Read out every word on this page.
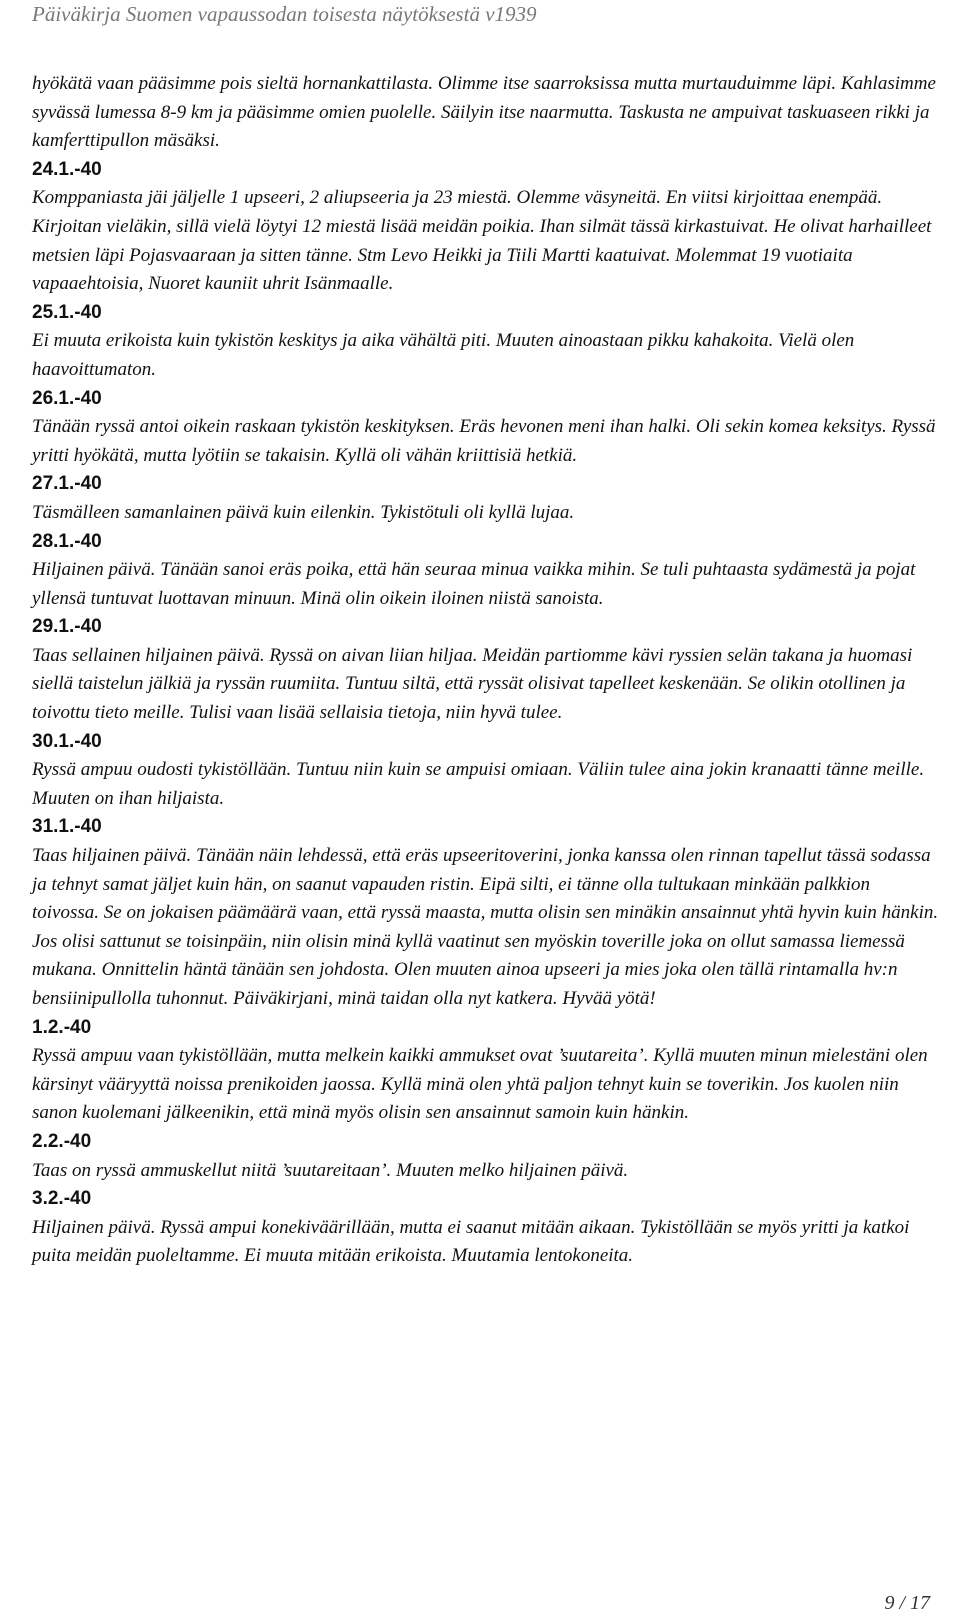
Päiväkirja Suomen vapaussodan toisesta näytöksestä v1939
hyökätä vaan pääsimme pois sieltä hornankattilasta. Olimme itse saarroksissa mutta murtauduimme läpi. Kahlasimme syvässä lumessa 8-9 km ja pääsimme omien puolelle. Säilyin itse naarmutta. Taskusta ne ampuivat taskuaseen rikki ja kamferttipullon mäsäksi.
24.1.-40
Komppaniasta jäi jäljelle 1 upseeri, 2 aliupseeria ja 23 miestä. Olemme väsyneitä. En viitsi kirjoittaa enempää. Kirjoitan vieläkin, sillä vielä löytyi 12 miestä lisää meidän poikia. Ihan silmät tässä kirkastuivat. He olivat harhailleet metsien läpi Pojasvaaraan ja sitten tänne. Stm Levo Heikki ja Tiili Martti kaatuivat. Molemmat 19 vuotiaita vapaaehtoisia, Nuoret kauniit uhrit Isänmaalle.
25.1.-40
Ei muuta erikoista kuin tykistön keskitys ja aika vähältä piti. Muuten ainoastaan pikku kahakoita. Vielä olen haavoittumaton.
26.1.-40
Tänään ryssä antoi oikein raskaan tykistön keskityksen. Eräs hevonen meni ihan halki. Oli sekin komea keksitys. Ryssä yritti hyökätä, mutta lyötiin se takaisin. Kyllä oli vähän kriittisiä hetkiä.
27.1.-40
Täsmälleen samanlainen päivä kuin eilenkin. Tykistötuli oli kyllä lujaa.
28.1.-40
Hiljainen päivä. Tänään sanoi eräs poika, että hän seuraa minua vaikka mihin. Se tuli puhtaasta sydämestä ja pojat yllensä tuntuvat luottavan minuun. Minä olin oikein iloinen niistä sanoista.
29.1.-40
Taas sellainen hiljainen päivä. Ryssä on aivan liian hiljaa. Meidän partiomme kävi ryssien selän takana ja huomasi siellä taistelun jälkiä ja ryssän ruumiita. Tuntuu siltä, että ryssät olisivat tapelleet keskenään. Se olikin otollinen ja toivottu tieto meille. Tulisi vaan lisää sellaisia tietoja, niin hyvä tulee.
30.1.-40
Ryssä ampuu oudosti tykistöllään. Tuntuu niin kuin se ampuisi omiaan. Väliin tulee aina jokin kranaatti tänne meille. Muuten on ihan hiljaista.
31.1.-40
Taas hiljainen päivä. Tänään näin lehdessä, että eräs upseeritoverini, jonka kanssa olen rinnan tapellut tässä sodassa ja tehnyt samat jäljet kuin hän, on saanut vapauden ristin. Eipä silti, ei tänne olla tultukaan minkään palkkion toivossa. Se on jokaisen päämäärä vaan, että ryssä maasta, mutta olisin sen minäkin ansainnut yhtä hyvin kuin hänkin. Jos olisi sattunut se toisinpäin, niin olisin minä kyllä vaatinut sen myöskin toverille joka on ollut samassa liemessä mukana. Onnittelin häntä tänään sen johdosta. Olen muuten ainoa upseeri ja mies joka olen tällä rintamalla hv:n bensiinipullolla tuhonnut. Päiväkirjani, minä taidan olla nyt katkera. Hyvää yötä!
1.2.-40
Ryssä ampuu vaan tykistöllään, mutta melkein kaikki ammukset ovat ’suutareita’. Kyllä muuten minun mielestäni olen kärsinyt vääryyttä noissa prenikoiden jaossa. Kyllä minä olen yhtä paljon tehnyt kuin se toverikin. Jos kuolen niin sanon kuolemani jälkeenikin, että minä myös olisin sen ansainnut samoin kuin hänkin.
2.2.-40
Taas on ryssä ammuskellut niitä ’suutareitaan’. Muuten melko hiljainen päivä.
3.2.-40
Hiljainen päivä. Ryssä ampui konekiväärillään, mutta ei saanut mitään aikaan. Tykistöllään se myös yritti ja katkoi puita meidän puoleltamme. Ei muuta mitään erikoista. Muutamia lentokoneita.
9 / 17
